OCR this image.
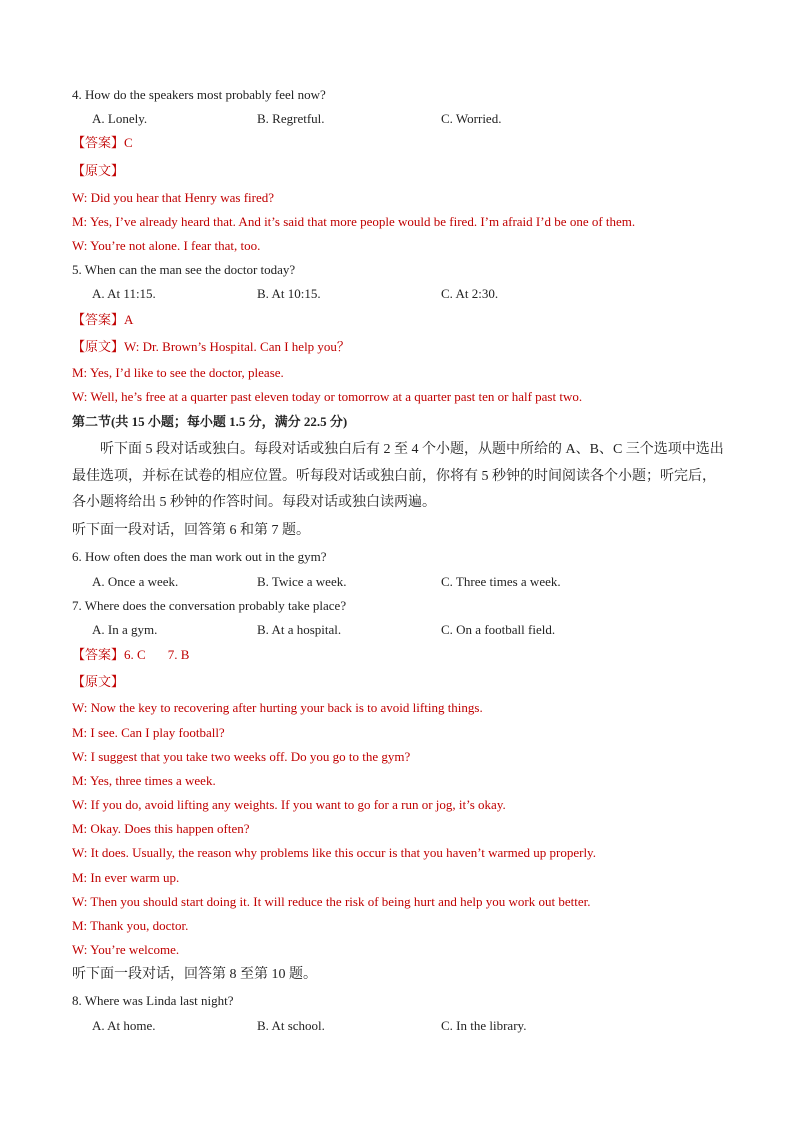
4. How do the speakers most probably feel now?
A. Lonely.	B. Regretful.	C. Worried.
【答案】C
【原文】
W: Did you hear that Henry was fired?
M: Yes, I’ve already heard that. And it’s said that more people would be fired. I’m afraid I’d be one of them.
W: You’re not alone. I fear that, too.
5. When can the man see the doctor today?
A. At 11:15.	B. At 10:15.	C. At 2:30.
【答案】A
【原文】W: Dr. Brown’s Hospital. Can I help you？
M: Yes, I’d like to see the doctor, please.
W: Well, he’s free at a quarter past eleven today or tomorrow at a quarter past ten or half past two.
第二节(共 15 小题；每小题 1.5 分，满分 22.5 分)
听下面 5 段对话或独白。每段对话或独白后有 2 至 4 个小题，从题中所给的 A、B、C 三个选项中选出最佳选项，并标在试卷的相应位置。听每段对话或独白前，你将有 5 秒钟的时间阅读各个小题；听完后，各小题将给出 5 秒钟的作答时间。每段对话或独白读两遍。
听下面一段对话，回答第 6 和第 7 题。
6. How often does the man work out in the gym?
A. Once a week.	B. Twice a week.	C. Three times a week.
7. Where does the conversation probably take place?
A. In a gym.	B. At a hospital.	C. On a football field.
【答案】6. C 7. B
【原文】
W: Now the key to recovering after hurting your back is to avoid lifting things.
M: I see. Can I play football?
W: I suggest that you take two weeks off. Do you go to the gym?
M: Yes, three times a week.
W: If you do, avoid lifting any weights. If you want to go for a run or jog, it’s okay.
M: Okay. Does this happen often?
W: It does. Usually, the reason why problems like this occur is that you haven’t warmed up properly.
M: In ever warm up.
W: Then you should start doing it. It will reduce the risk of being hurt and help you work out better.
M: Thank you, doctor.
W: You’re welcome.
听下面一段对话，回答第 8 至第 10 题。
8. Where was Linda last night?
A. At home.	B. At school.	C. In the library.
